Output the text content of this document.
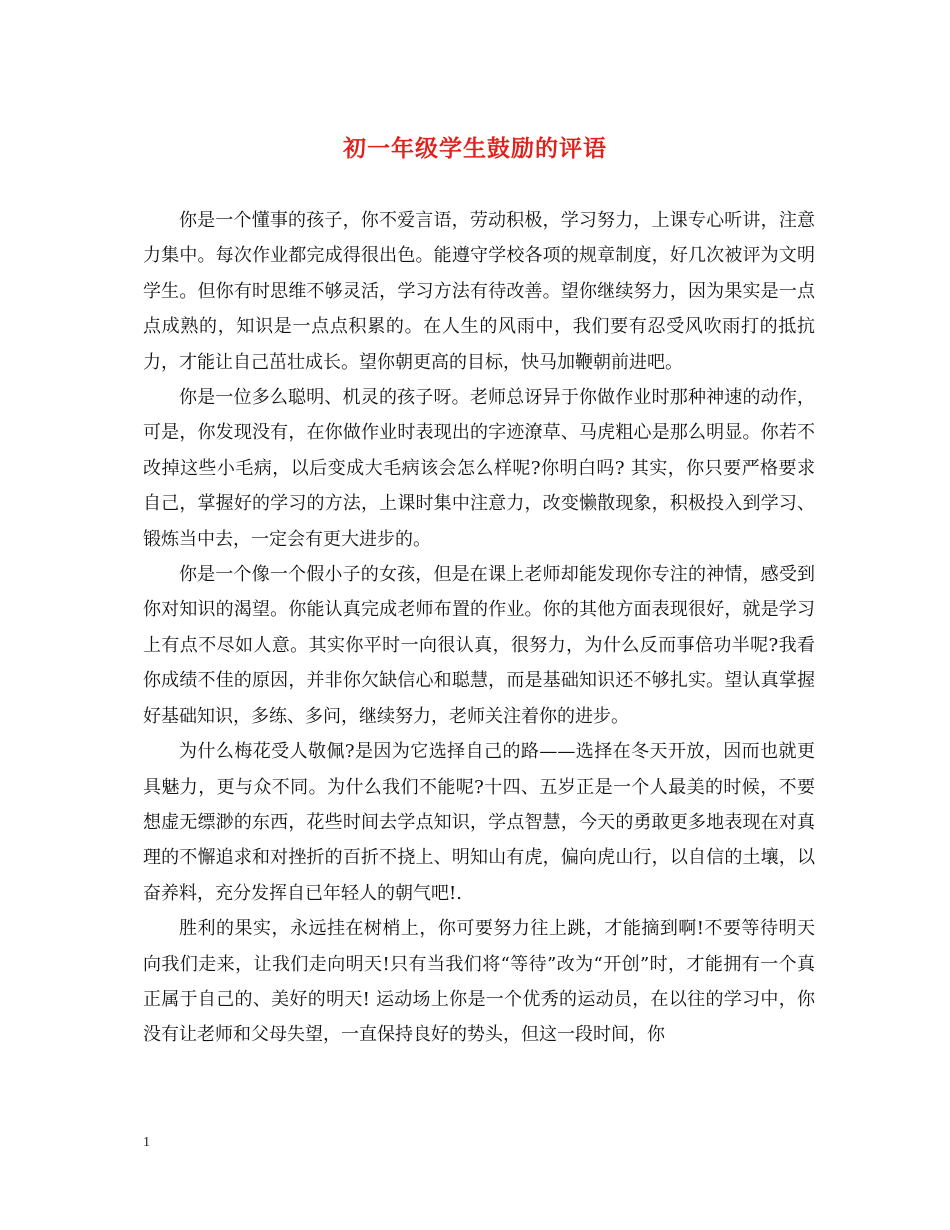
初一年级学生鼓励的评语

你是一个懂事的孩子，你不爱言语，劳动积极，学习努力，上课专心听讲，注意力集中。每次作业都完成得很出色。能遵守学校各项的规章制度，好几次被评为文明学生。但你有时思维不够灵活，学习方法有待改善。望你继续努力，因为果实是一点点成熟的，知识是一点点积累的。在人生的风雨中，我们要有忍受风吹雨打的抵抗力，才能让自己茁壮成长。望你朝更高的目标，快马加鞭朝前进吧。

你是一位多么聪明、机灵的孩子呀。老师总讶异于你做作业时那种神速的动作，可是，你发现没有，在你做作业时表现出的字迹潦草、马虎粗心是那么明显。你若不改掉这些小毛病，以后变成大毛病该会怎么样呢?你明白吗? 其实，你只要严格要求自己，掌握好的学习的方法，上课时集中注意力，改变懒散现象，积极投入到学习、锻炼当中去，一定会有更大进步的。

你是一个像一个假小子的女孩，但是在课上老师却能发现你专注的神情，感受到你对知识的渴望。你能认真完成老师布置的作业。你的其他方面表现很好，就是学习上有点不尽如人意。其实你平时一向很认真，很努力，为什么反而事倍功半呢?我看你成绩不佳的原因，并非你欠缺信心和聪慧，而是基础知识还不够扎实。望认真掌握好基础知识，多练、多问，继续努力，老师关注着你的进步。

为什么梅花受人敬佩?是因为它选择自己的路——选择在冬天开放，因而也就更具魅力，更与众不同。为什么我们不能呢?十四、五岁正是一个人最美的时候，不要想虚无缥渺的东西，花些时间去学点知识，学点智慧，今天的勇敢更多地表现在对真理的不懈追求和对挫折的百折不挠上、明知山有虎，偏向虎山行，以自信的土壤，以奋养料，充分发挥自已年轻人的朝气吧!.

胜利的果实，永远挂在树梢上，你可要努力往上跳，才能摘到啊!不要等待明天向我们走来，让我们走向明天!只有当我们将“等待”改为“开创”时，才能拥有一个真正属于自己的、美好的明天! 运动场上你是一个优秀的运动员，在以往的学习中，你没有让老师和父母失望，一直保持良好的势头，但这一段时间，你

1
